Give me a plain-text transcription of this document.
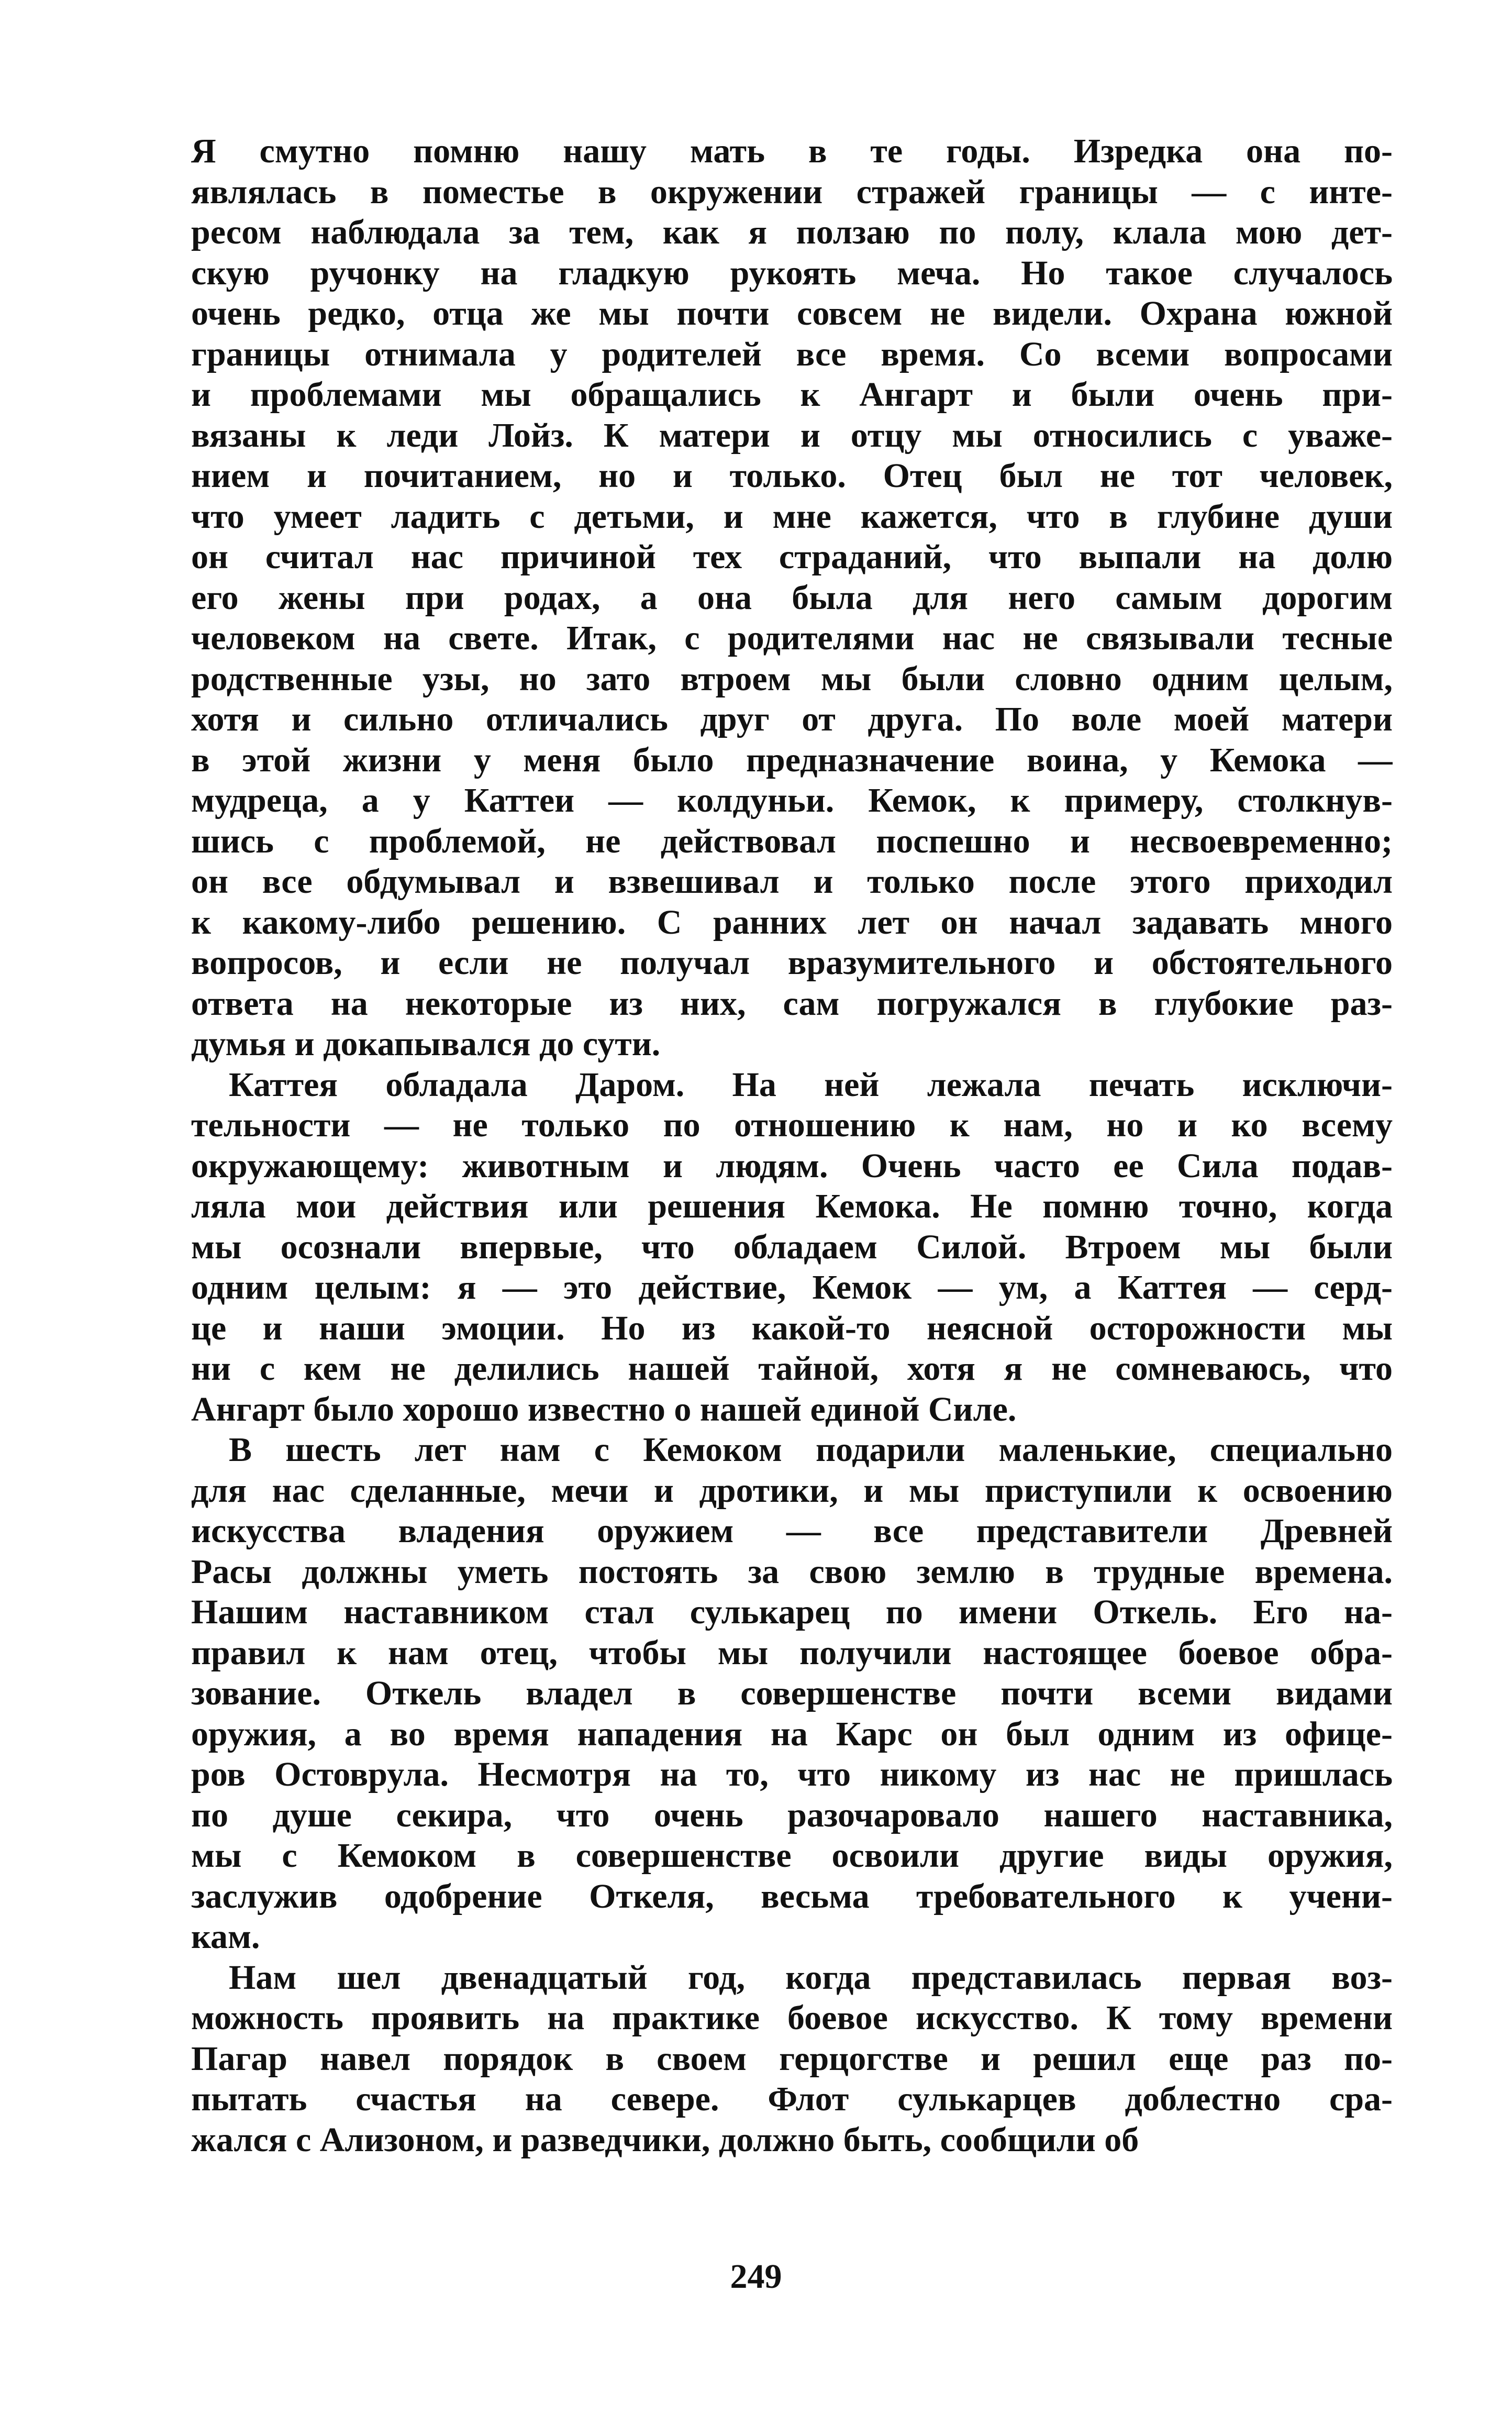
Я смутно помню нашу мать в те годы. Изредка она по-
являлась в поместье в окружении стражей границы — с инте-
ресом наблюдала за тем, как я ползаю по полу, клала мою дет-
скую ручонку на гладкую рукоять меча. Но такое случалось
очень редко, отца же мы почти совсем не видели. Охрана южной
границы отнимала у родителей все время. Со всеми вопросами
и проблемами мы обращались к Ангарт и были очень при-
вязаны к леди Лойз. К матери и отцу мы относились с уваже-
нием и почитанием, но и только. Отец был не тот человек,
что умеет ладить с детьми, и мне кажется, что в глубине души
он считал нас причиной тех страданий, что выпали на долю
его жены при родах, а она была для него самым дорогим
человеком на свете. Итак, с родителями нас не связывали тесные
родственные узы, но зато втроем мы были словно одним целым,
хотя и сильно отличались друг от друга. По воле моей матери
в этой жизни у меня было предназначение воина, у Кемока —
мудреца, а у Каттеи — колдуньи. Кемок, к примеру, столкнув-
шись с проблемой, не действовал поспешно и несвоевременно;
он все обдумывал и взвешивал и только после этого приходил
к какому-либо решению. С ранних лет он начал задавать много
вопросов, и если не получал вразумительного и обстоятельного
ответа на некоторые из них, сам погружался в глубокие раз-
думья и докапывался до сути.
Каттея обладала Даром. На ней лежала печать исключи-
тельности — не только по отношению к нам, но и ко всему
окружающему: животным и людям. Очень часто ее Сила подав-
ляла мои действия или решения Кемока. Не помню точно, когда
мы осознали впервые, что обладаем Силой. Втроем мы были
одним целым: я — это действие, Кемок — ум, а Каттея — серд-
це и наши эмоции. Но из какой-то неясной осторожности мы
ни с кем не делились нашей тайной, хотя я не сомневаюсь, что
Ангарт было хорошо известно о нашей единой Силе.
В шесть лет нам с Кемоком подарили маленькие, специально
для нас сделанные, мечи и дротики, и мы приступили к освоению
искусства владения оружием — все представители Древней
Расы должны уметь постоять за свою землю в трудные времена.
Нашим наставником стал сулькарец по имени Откель. Его на-
правил к нам отец, чтобы мы получили настоящее боевое обра-
зование. Откель владел в совершенстве почти всеми видами
оружия, а во время нападения на Карс он был одним из офице-
ров Остоврула. Несмотря на то, что никому из нас не пришлась
по душе секира, что очень разочаровало нашего наставника,
мы с Кемоком в совершенстве освоили другие виды оружия,
заслужив одобрение Откеля, весьма требовательного к учени-
кам.
Нам шел двенадцатый год, когда представилась первая воз-
можность проявить на практике боевое искусство. К тому времени
Пагар навел порядок в своем герцогстве и решил еще раз по-
пытать счастья на севере. Флот сулькарцев доблестно сра-
жался с Ализоном, и разведчики, должно быть, сообщили об
249
